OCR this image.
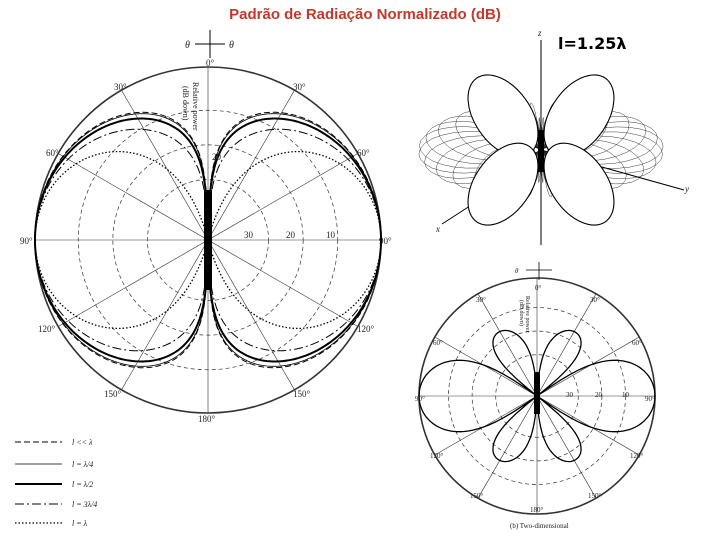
Padrão de Radiação Normalizado (dB)
l=1.25λ
θ	θ
0°
30°	30°
60°	60°
90°	90°
120°	120°
150°	150°
180°
30	20	10
20
Relative power
(dB down)
l << λ
l = λ/4
l = λ/2
l = 3λ/4
l = λ
z
y
x
θ
0°
30°	30°
60°	60°
90°	90°
120°	120°
150°	150°
180°
30	20	10
Relative power
(dB down)
(b) Two-dimensional
